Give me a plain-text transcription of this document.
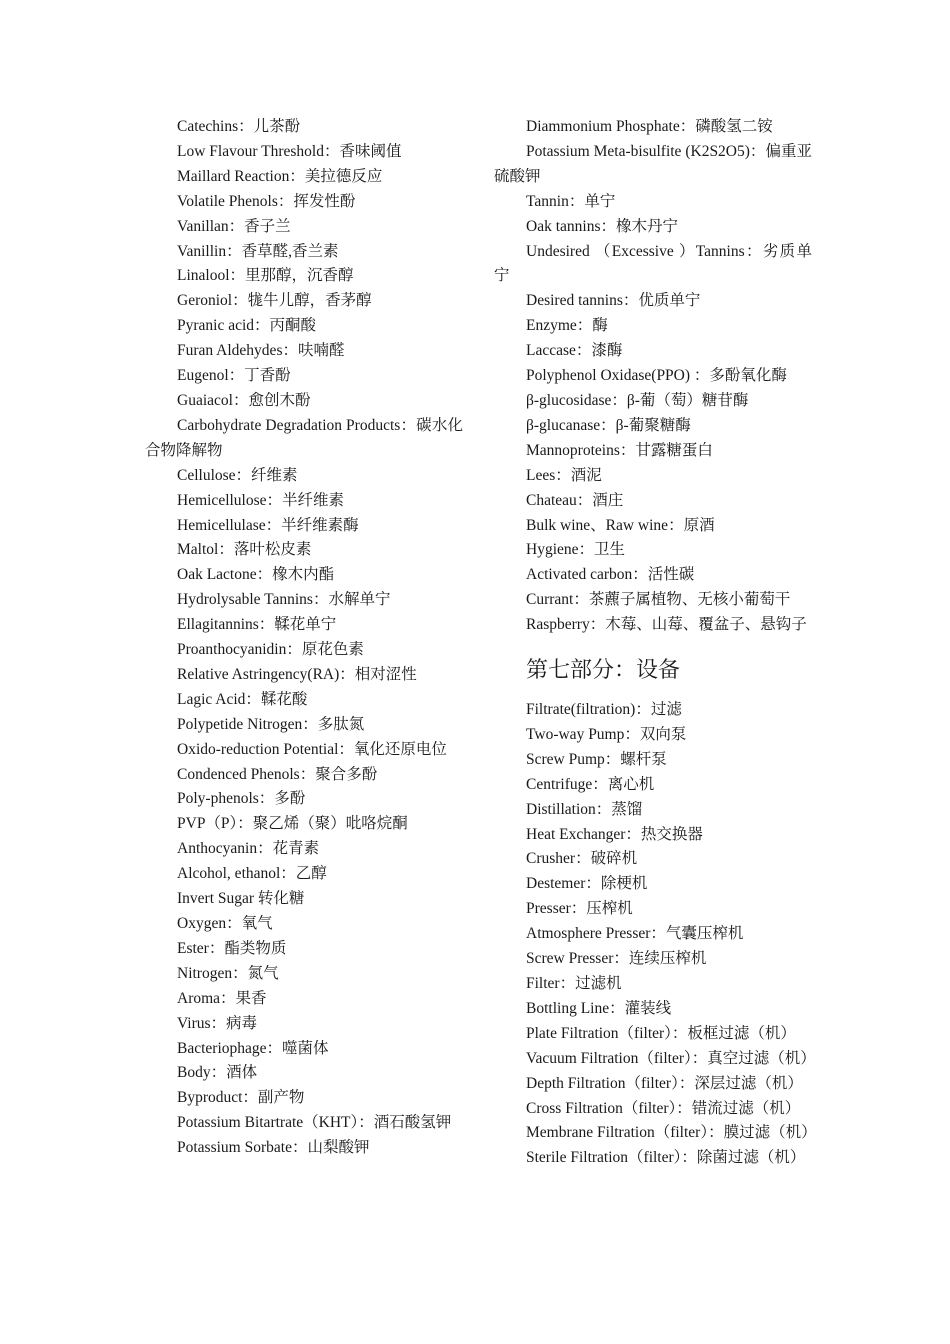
Catechins：儿茶酚

Low Flavour Threshold：香味阈值

Maillard Reaction：美拉德反应

Volatile Phenols：挥发性酚

Vanillan：香子兰

Vanillin：香草醛,香兰素

Linalool：里那醇，沉香醇

Geroniol：牻牛儿醇，香茅醇

Pyranic acid：丙酮酸

Furan Aldehydes：呋喃醛

Eugenol：丁香酚

Guaiacol：愈创木酚

Carbohydrate Degradation Products：碳水化合物降解物

Cellulose：纤维素

Hemicellulose：半纤维素

Hemicellulase：半纤维素酶

Maltol：落叶松皮素

Oak Lactone：橡木内酯

Hydrolysable Tannins：水解单宁

Ellagitannins：鞣花单宁

Proanthocyanidin：原花色素

Relative Astringency(RA)：相对涩性

Lagic Acid：鞣花酸

Polypetide Nitrogen：多肽氮

Oxido-reduction Potential：氧化还原电位

Condenced Phenols：聚合多酚

Poly-phenols：多酚

PVP（P）：聚乙烯（聚）吡咯烷酮

Anthocyanin：花青素

Alcohol, ethanol：乙醇

Invert Sugar 转化糖

Oxygen：氧气

Ester：酯类物质

Nitrogen：氮气

Aroma：果香

Virus：病毒

Bacteriophage：噬菌体

Body：酒体

Byproduct：副产物

Potassium Bitartrate（KHT）：酒石酸氢钾

Potassium Sorbate：山梨酸钾

Diammonium Phosphate：磷酸氢二铵

Potassium Meta-bisulfite (K2S2O5)：偏重亚硫酸钾

Tannin：单宁

Oak tannins：橡木丹宁

Undesired （Excessive ）Tannins：劣质单宁

Desired tannins：优质单宁

Enzyme：酶

Laccase：漆酶

Polyphenol Oxidase(PPO) ：多酚氧化酶

β-glucosidase：β-葡（萄）糖苷酶

β-glucanase：β-葡聚糖酶

Mannoproteins：甘露糖蛋白

Lees：酒泥

Chateau：酒庄

Bulk wine、Raw wine：原酒

Hygiene：卫生

Activated carbon：活性碳

Currant：茶藨子属植物、无核小葡萄干

Raspberry：木莓、山莓、覆盆子、悬钩子

第七部分：设备

Filtrate(filtration)：过滤

Two-way Pump：双向泵

Screw Pump：螺杆泵

Centrifuge：离心机

Distillation：蒸馏

Heat Exchanger：热交换器

Crusher：破碎机

Destemer：除梗机

Presser：压榨机

Atmosphere Presser：气囊压榨机

Screw Presser：连续压榨机

Filter：过滤机

Bottling Line：灌装线

Plate Filtration（filter）：板框过滤（机）

Vacuum Filtration（filter）：真空过滤（机）

Depth Filtration（filter）：深层过滤（机）

Cross Filtration（filter）：错流过滤（机）

Membrane Filtration（filter）：膜过滤（机）

Sterile Filtration（filter）：除菌过滤（机）
